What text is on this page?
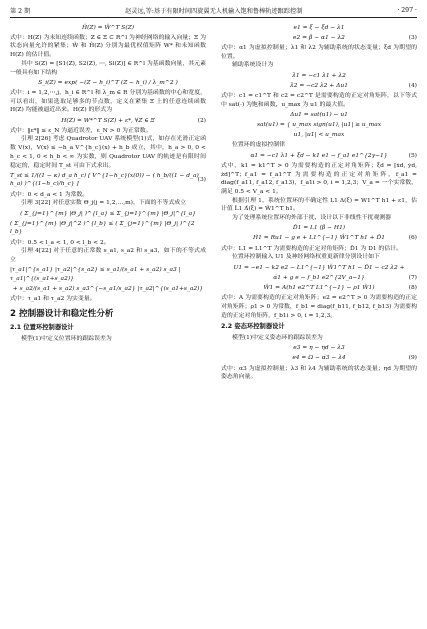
第 2 期	赵灵远,等:基于有限时间四旋翼无人机输入饱和鲁棒轨迹跟踪控制	· 297 ·
Ĥ(Z) = Ŵ^T S(Z)

式中：H(Z) 为未知连续函数；Z ∈ Ξ ⊂ R^l 为神经网络的输入向量；Ξ 为状态向量允许的紧集；Ŵ 和 Ĥ(Z) 分别为最优权值矩阵 W* 和未知函数 H(Z) 的估计值。

其中 S(Z) = [S1(Z), S2(Z), ⋯, Sl(Z)] ∈ R^l 为基函数向量，其元素一般具有如下结构

S_i(Z) = exp( −(Z − h_i)^T (Z − h_i) / λ_m^2 )

式中：i = 1,2,⋯,j，h_i ∈ R^l 和 λ_m ∈ R 分别为基函数的中心和宽度，可以看出，如果选取足够多的节点数，定义在紧集 Ξ 上的任意连续函数 H(Z) 均能被逼近出来。H(Z) 的形式为

H(Z) = W*^T S(Z) + ε*, ∀Z ∈ Ξ	(2)

式中：‖ε*‖ ≤ ε_N 为逼近误差，ε_N > 0 为正常数。

引理 2[26] 考虑 Quadrotor UAV 系统模型(1)式，如存在光滑正定函数 V(x)，V(x) ≤ −h_a V^{h_c}(x) + h_b 成立，其中，h_a > 0, 0 < h_c < 1, 0 < h_b < ∞ 为实数，则 Quadrotor UAV 的轨迹是有限时间稳定的，稳定时间 T_st 可由下式求出。

T_st ≤ 1/((1 − κ) d_a h_c) [ V^{1−h_c}(x(0)) − ( h_b/((1 − d_a) h_a) )^{(1−h_c)/h_c} ]
(3)

式中：0 < d_a < 1 为常数。

引理 3[22] 对任意实数 Θ_j(j = 1,2,…,m)，下面的不等式成立

( Σ_{j=1}^{m} |Θ_j| )^{l_a} ≤ Σ_{j=1}^{m} |Θ_j|^{l_a}
( Σ_{j=1}^{m} |Θ_j|^2 )^{l_b} ≤ ( Σ_{j=1}^{m} |Θ_j| )^{2 l_b}

式中：0.5 < l_a < 1, 0 < l_b < 2。

引理 4[22] 对于任意的正常数 s_a1, s_a2 和 s_a3，如下的不等式成立

|τ_a1|^{s_a1} |τ_a2|^{s_a2} ≤ s_a1/(s_a1 + s_a2) s_a3 |τ_a1|^{(s_a1+s_a2)}
+ s_a2/(s_a1 + s_a2) s_a3^{−s_a1/s_a2} |τ_a2|^{(s_a1+s_a2)}

式中：τ_a1 和 τ_a2 为实变量。

2 控制器设计和稳定性分析
2.1 位置环控制器设计

模型(1)中定义位置环的跟踪误差为

e1 = ξ − ξd − λ1
e2 = β − α1 − λ2	(3)

式中：α1 为虚拟控制量；λ1 和 λ2 为辅助系统的状态变量；ξd 为期望的位置。

辅助系统设计为

λ̇1 = −c1 λ1 + λ2
λ̇2 = −c2 λ2 + Δu1	(4)

式中：c1 = c1^T 和 c2 = c2^T 是需要构造的正定对角矩阵，以下等式中 sat(·) 为饱和函数，u_max 为 u1 的最大值。

Δu1 = sat(u1) − u1
sat(u1) = { u_max sign(u1), |u1| ≥ u_max
u1, |u1| < u_max

位置环的虚拟控制律

α1 = −c1 λ1 + ξ̇d − k1 e1 − f_a1 e1^{2γ−1}	(5)

式中，k1 = k1^T > 0 为需要构造的正定对角矩阵；ξ̇d = [ẋd, ẏd, żd]^T；f_a1 = f_a1^T 为需要构造的正定对角矩阵，f_a1 = diag(f_a11, f_a12, f_a13)，f_a1i > 0, i = 1,2,3；V_a = 一个实常数，满足 0.5 < V_a < 1。

根据引理 1，系统位置环的不确定性 L1 Δ(ξ) = W1^T h1 + ε1，估计值 L̂1 Δ̂(ξ) = Ŵ1^T h1。

为了处理系统位置环的外部干扰，设计以下非线性干扰观测器

D̂1 = L1 (β − H1)
Ḣ1 = Ru1 − g e + L1^{−1} Ŵ1^T h1 + D̂1	(6)

式中：L1 = L1^T 为需要构造的正定对角矩阵；D̂1 为 D1 的估计。

位置环控制输入 U1 及神经网络权重更新律分别设计如下

U1 = −e1 − k2 e2 − L1^{−1} Ŵ1^T h1 − D̂1 − c2 λ2 +
α̇1 + g e − f_b1 e2^{2V_a−1}	(7)
Ŵ1 = A(h1 e2^T L1^{−1} − ρ1 Ŵ1)	(8)

式中：A 为需要构造的正定对角矩阵；e2 = e2^T > 0 为需要构造的正定对角矩阵；ρ1 > 0 为常数，f_b1 = diag(f_b11, f_b12, f_b13) 为需要构造的正定对角矩阵，f_b1i > 0, i = 1,2,3。

2.2 姿态环控制器设计

模型(1)中定义姿态环的跟踪误差为

e3 = η − ηd − λ3
e4 = Ω − α3 − λ4	(9)

式中：α3 为虚拟控制量；λ3 和 λ4 为辅助系统的状态变量；ηd 为期望的姿态角向量。
